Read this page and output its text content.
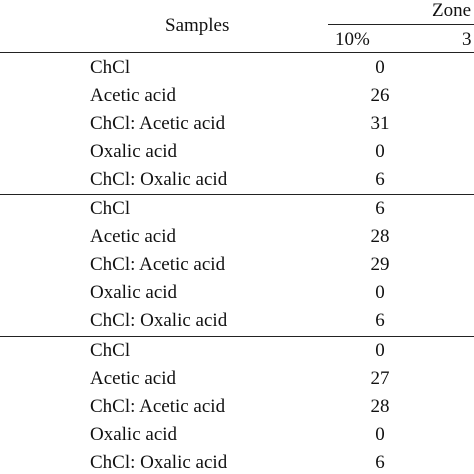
Samples
Zone
10%	3
ChCl	0
Acetic acid	26
ChCl: Acetic acid	31
Oxalic acid	0
ChCl: Oxalic acid	6
ChCl	6
Acetic acid	28
ChCl: Acetic acid	29
Oxalic acid	0
ChCl: Oxalic acid	6
ChCl	0
Acetic acid	27
ChCl: Acetic acid	28
Oxalic acid	0
ChCl: Oxalic acid	6
